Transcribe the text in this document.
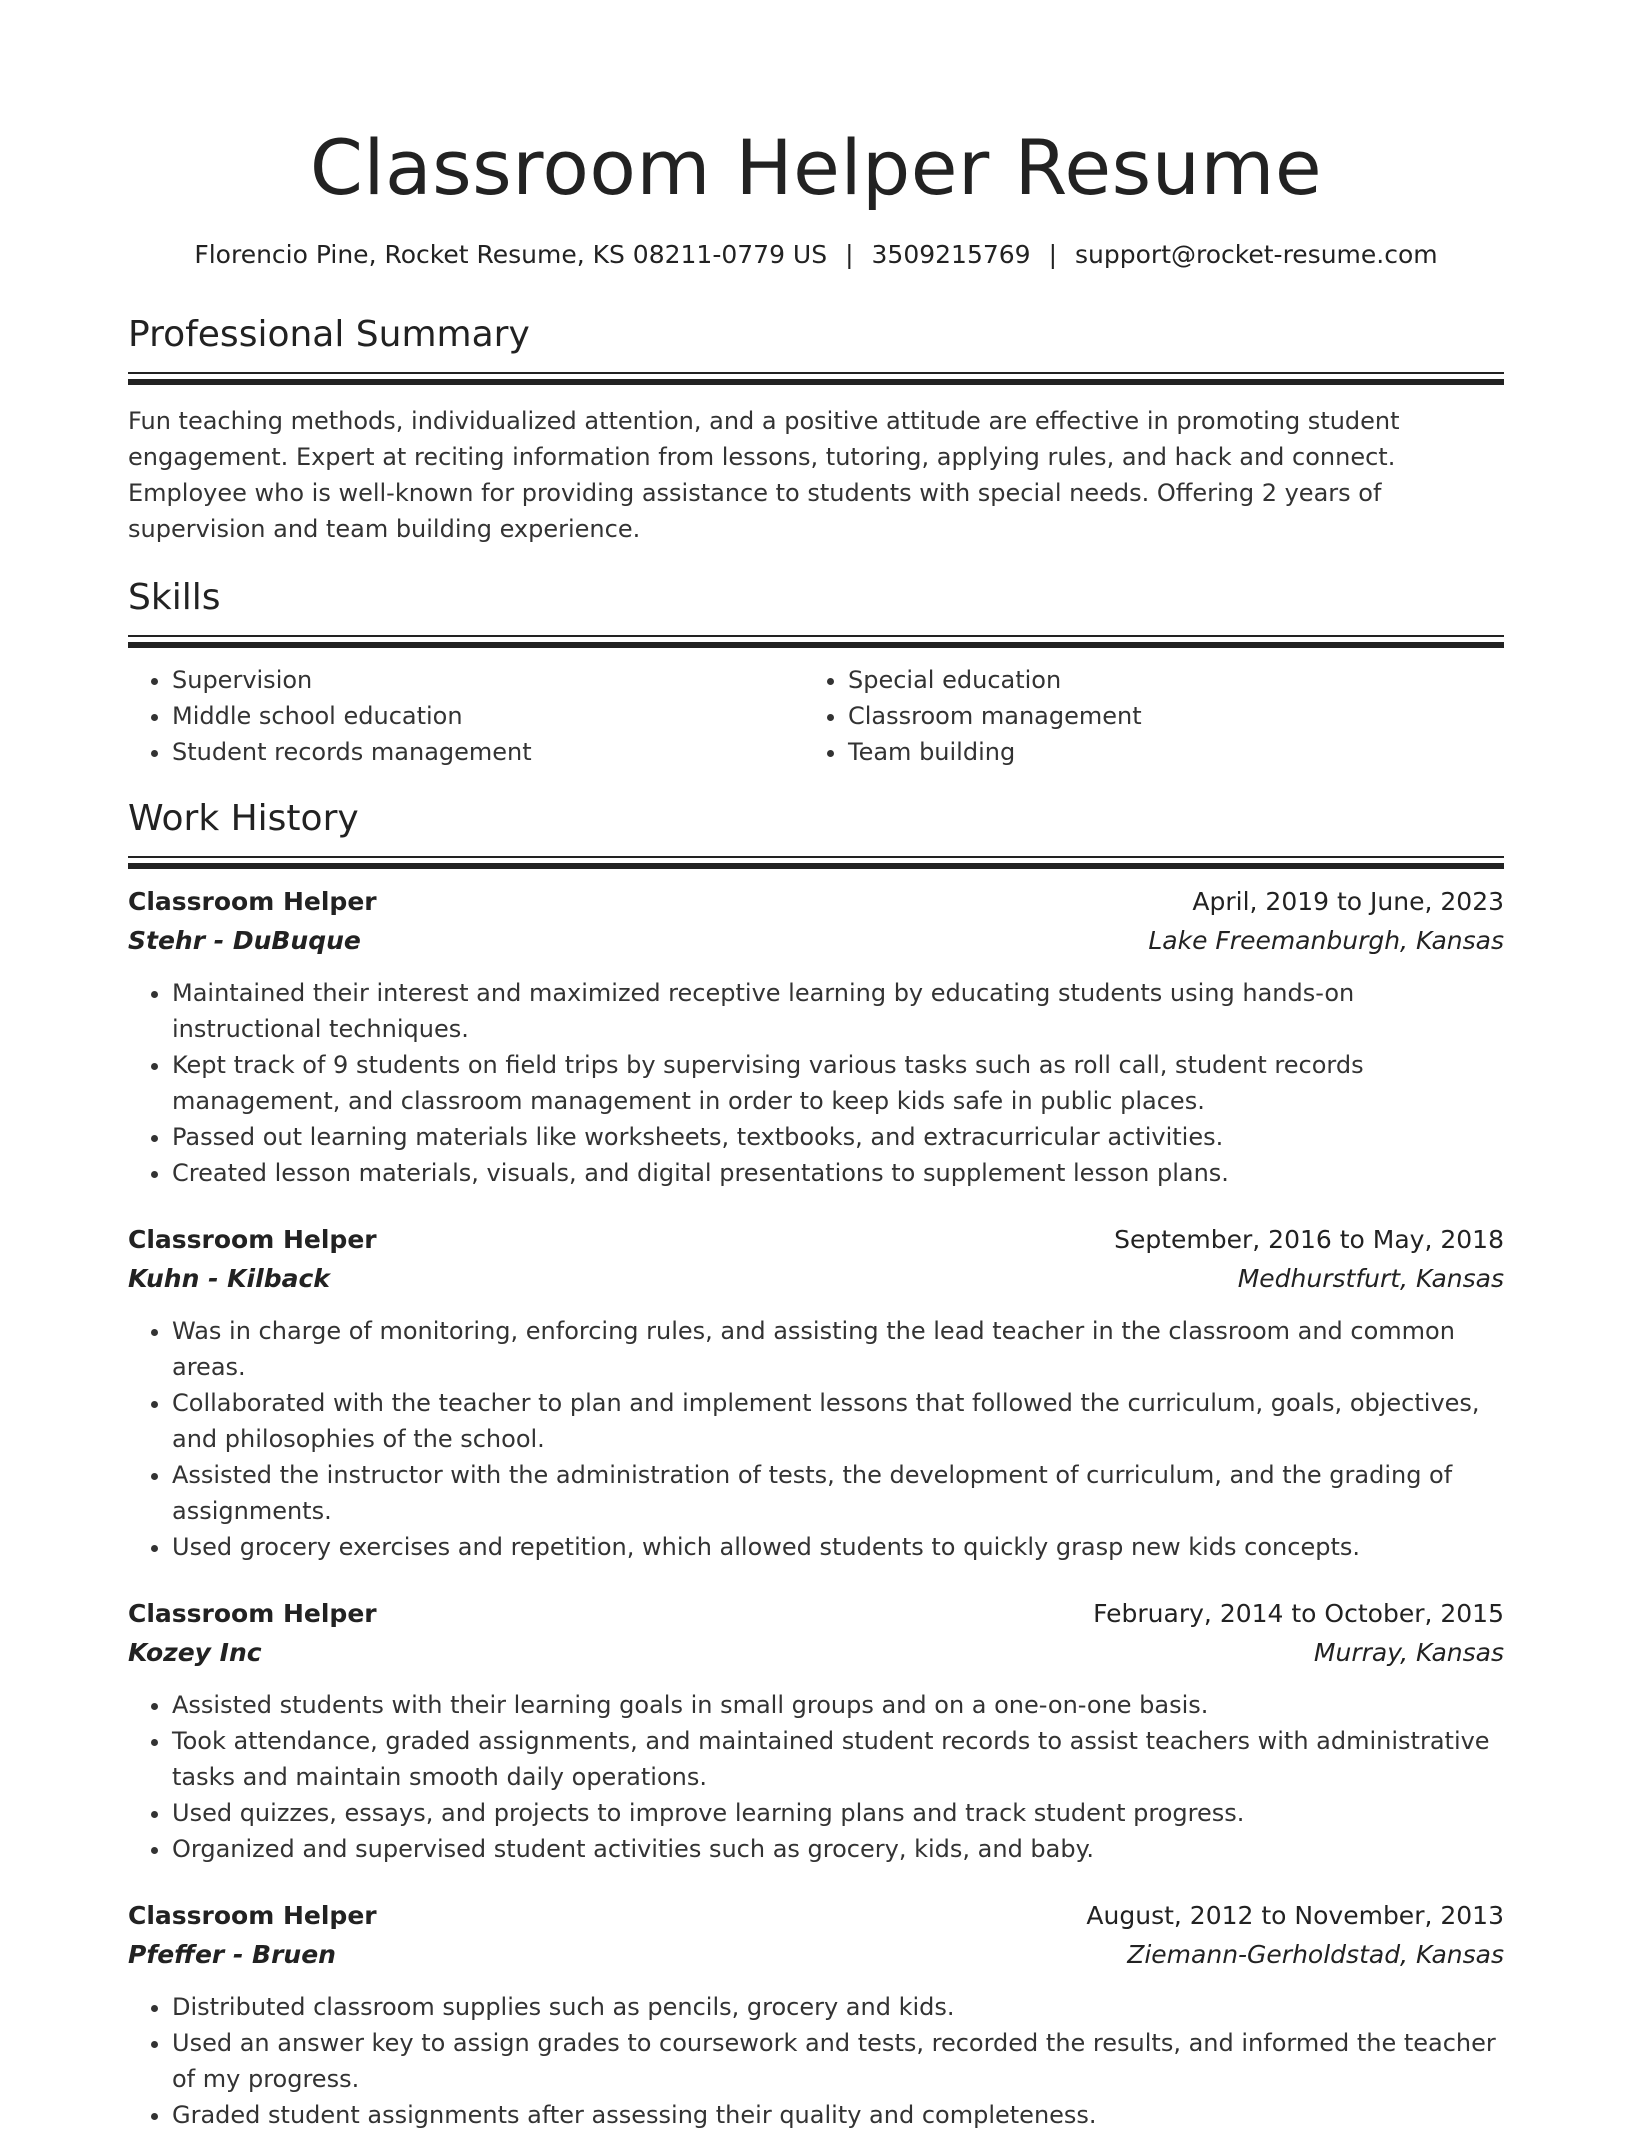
Classroom Helper Resume
Florencio Pine, Rocket Resume, KS 08211-0779 US | 3509215769 | support@rocket-resume.com
Professional Summary
Fun teaching methods, individualized attention, and a positive attitude are effective in promoting student engagement. Expert at reciting information from lessons, tutoring, applying rules, and hack and connect. Employee who is well-known for providing assistance to students with special needs. Offering 2 years of supervision and team building experience.
Skills
• Supervision
• Middle school education
• Student records management
• Special education
• Classroom management
• Team building
Work History
Classroom Helper	April, 2019 to June, 2023
Stehr - DuBuque	Lake Freemanburgh, Kansas
• Maintained their interest and maximized receptive learning by educating students using hands-on instructional techniques.
• Kept track of 9 students on field trips by supervising various tasks such as roll call, student records management, and classroom management in order to keep kids safe in public places.
• Passed out learning materials like worksheets, textbooks, and extracurricular activities.
• Created lesson materials, visuals, and digital presentations to supplement lesson plans.
Classroom Helper	September, 2016 to May, 2018
Kuhn - Kilback	Medhurstfurt, Kansas
• Was in charge of monitoring, enforcing rules, and assisting the lead teacher in the classroom and common areas.
• Collaborated with the teacher to plan and implement lessons that followed the curriculum, goals, objectives, and philosophies of the school.
• Assisted the instructor with the administration of tests, the development of curriculum, and the grading of assignments.
• Used grocery exercises and repetition, which allowed students to quickly grasp new kids concepts.
Classroom Helper	February, 2014 to October, 2015
Kozey Inc	Murray, Kansas
• Assisted students with their learning goals in small groups and on a one-on-one basis.
• Took attendance, graded assignments, and maintained student records to assist teachers with administrative tasks and maintain smooth daily operations.
• Used quizzes, essays, and projects to improve learning plans and track student progress.
• Organized and supervised student activities such as grocery, kids, and baby.
Classroom Helper	August, 2012 to November, 2013
Pfeffer - Bruen	Ziemann-Gerholdstad, Kansas
• Distributed classroom supplies such as pencils, grocery and kids.
• Used an answer key to assign grades to coursework and tests, recorded the results, and informed the teacher of my progress.
• Graded student assignments after assessing their quality and completeness.
